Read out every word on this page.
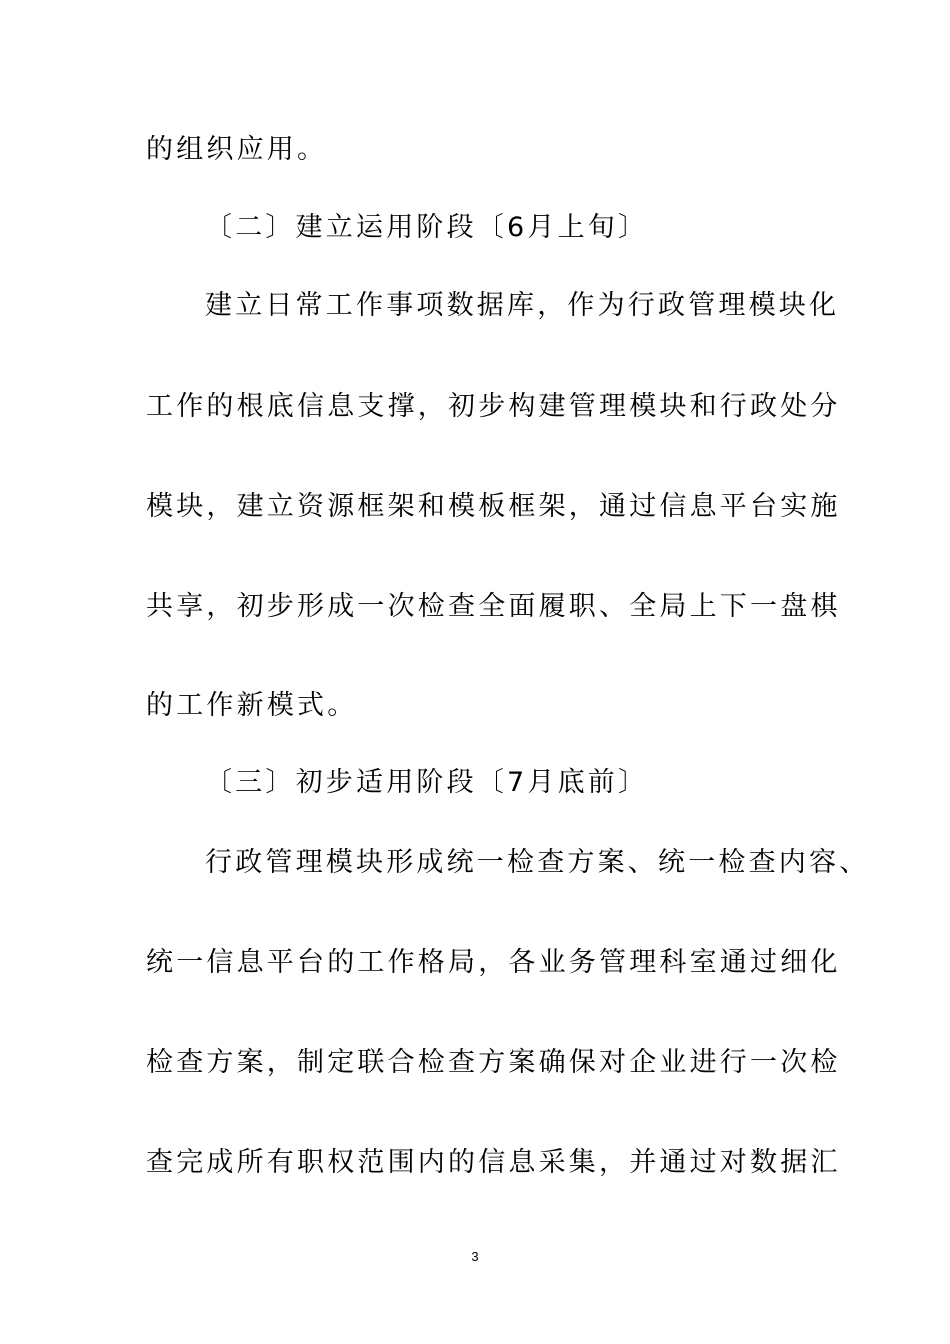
的组织应用。
〔二〕建立运用阶段〔6月上旬〕
建立日常工作事项数据库，作为行政管理模块化
工作的根底信息支撑，初步构建管理模块和行政处分
模块，建立资源框架和模板框架，通过信息平台实施
共享，初步形成一次检查全面履职、全局上下一盘棋
的工作新模式。
〔三〕初步适用阶段〔7月底前〕
行政管理模块形成统一检查方案、统一检查内容、
统一信息平台的工作格局，各业务管理科室通过细化
检查方案，制定联合检查方案确保对企业进行一次检
查完成所有职权范围内的信息采集，并通过对数据汇
3
